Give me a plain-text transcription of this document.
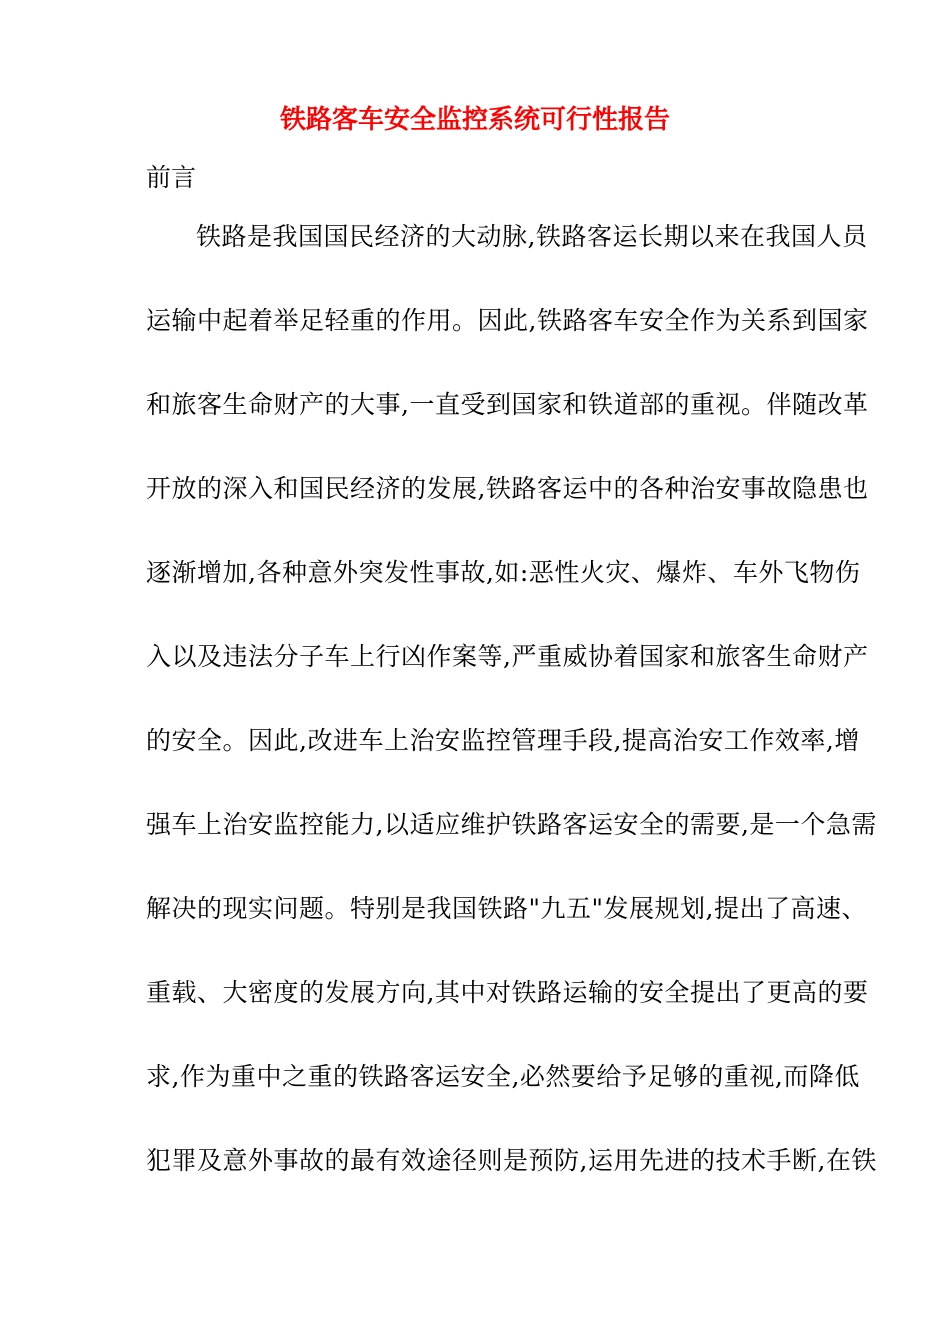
铁路客车安全监控系统可行性报告
前言
铁路是我国国民经济的大动脉,铁路客运长期以来在我国人员
运输中起着举足轻重的作用。因此,铁路客车安全作为关系到国家
和旅客生命财产的大事,一直受到国家和铁道部的重视。伴随改革
开放的深入和国民经济的发展,铁路客运中的各种治安事故隐患也
逐渐增加,各种意外突发性事故,如:恶性火灾、爆炸、车外飞物伤
入以及违法分子车上行凶作案等,严重威协着国家和旅客生命财产
的安全。因此,改进车上治安监控管理手段,提高治安工作效率,增
强车上治安监控能力,以适应维护铁路客运安全的需要,是一个急需
解决的现实问题。特别是我国铁路"九五"发展规划,提出了高速、
重载、大密度的发展方向,其中对铁路运输的安全提出了更高的要
求,作为重中之重的铁路客运安全,必然要给予足够的重视,而降低
犯罪及意外事故的最有效途径则是预防,运用先进的技术手断,在铁
